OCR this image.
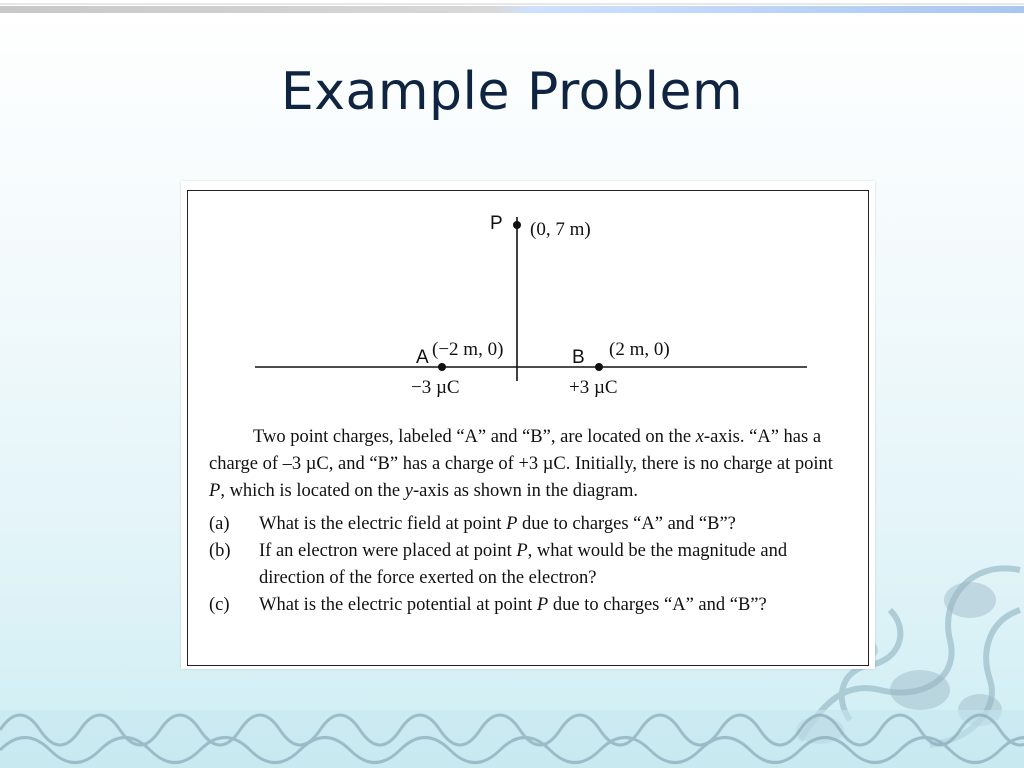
Example Problem
P (0, 7 m)
A (−2 m, 0)
−3 µC
B (2 m, 0)
+3 µC

Two point charges, labeled “A” and “B”, are located on the x-axis. “A” has a charge of –3 µC, and “B” has a charge of +3 µC. Initially, there is no charge at point P, which is located on the y-axis as shown in the diagram.

(a)	What is the electric field at point P due to charges “A” and “B”?
(b)	If an electron were placed at point P, what would be the magnitude and direction of the force exerted on the electron?
(c)	What is the electric potential at point P due to charges “A” and “B”?
